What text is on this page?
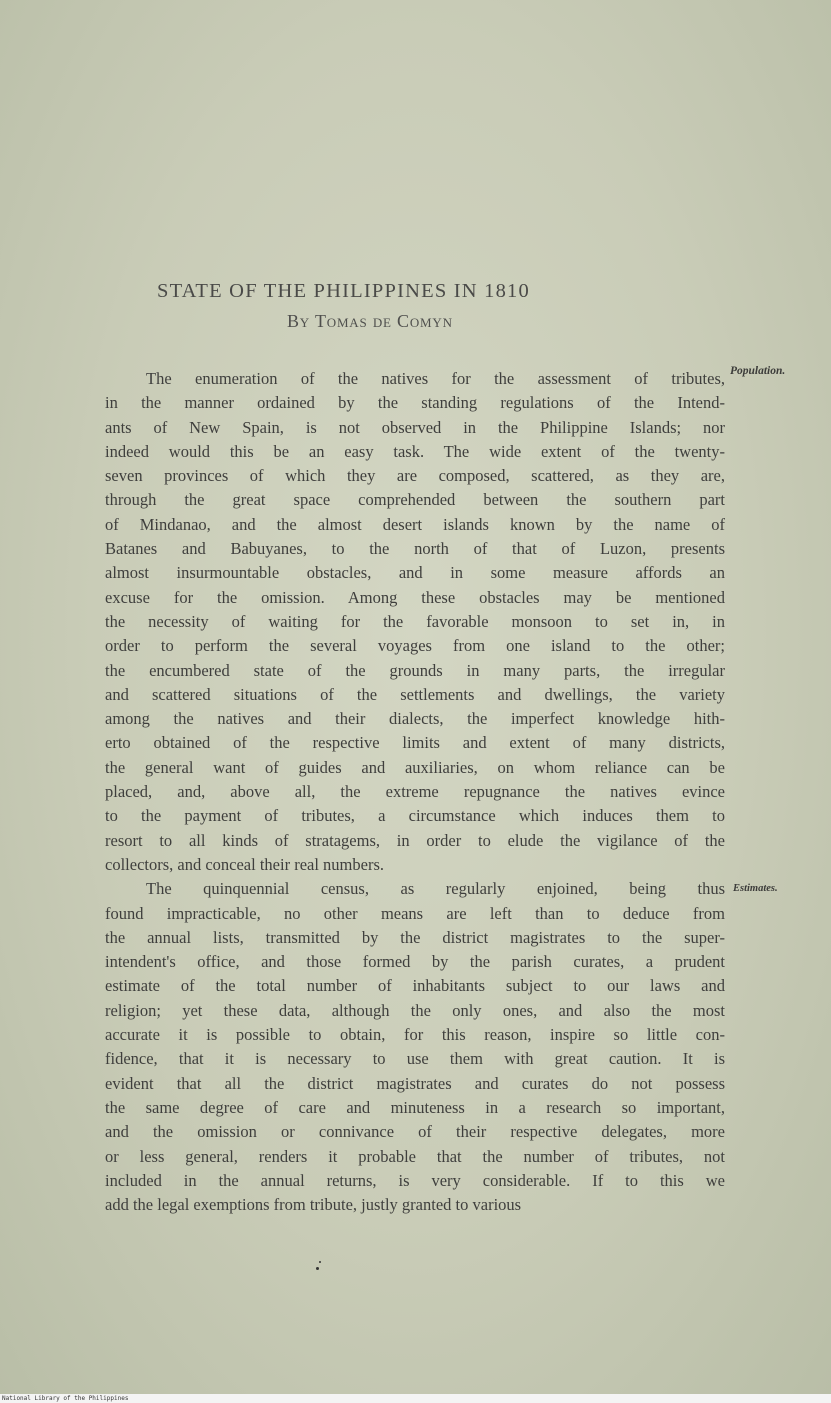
STATE OF THE PHILIPPINES IN 1810
By Tomas de Comyn
Population.
Estimates.
The enumeration of the natives for the assessment of tributes,
in the manner ordained by the standing regulations of the Intend-
ants of New Spain, is not observed in the Philippine Islands; nor
indeed would this be an easy task. The wide extent of the twenty-
seven provinces of which they are composed, scattered, as they are,
through the great space comprehended between the southern part
of Mindanao, and the almost desert islands known by the name of
Batanes and Babuyanes, to the north of that of Luzon, presents
almost insurmountable obstacles, and in some measure affords an
excuse for the omission. Among these obstacles may be mentioned
the necessity of waiting for the favorable monsoon to set in, in
order to perform the several voyages from one island to the other;
the encumbered state of the grounds in many parts, the irregular
and scattered situations of the settlements and dwellings, the variety
among the natives and their dialects, the imperfect knowledge hith-
erto obtained of the respective limits and extent of many districts,
the general want of guides and auxiliaries, on whom reliance can be
placed, and, above all, the extreme repugnance the natives evince
to the payment of tributes, a circumstance which induces them to
resort to all kinds of stratagems, in order to elude the vigilance of the
collectors, and conceal their real numbers.
The quinquennial census, as regularly enjoined, being thus
found impracticable, no other means are left than to deduce from
the annual lists, transmitted by the district magistrates to the super-
intendent's office, and those formed by the parish curates, a prudent
estimate of the total number of inhabitants subject to our laws and
religion; yet these data, although the only ones, and also the most
accurate it is possible to obtain, for this reason, inspire so little con-
fidence, that it is necessary to use them with great caution. It is
evident that all the district magistrates and curates do not possess
the same degree of care and minuteness in a research so important,
and the omission or connivance of their respective delegates, more
or less general, renders it probable that the number of tributes, not
included in the annual returns, is very considerable. If to this we
add the legal exemptions from tribute, justly granted to various
National Library of the Philippines
